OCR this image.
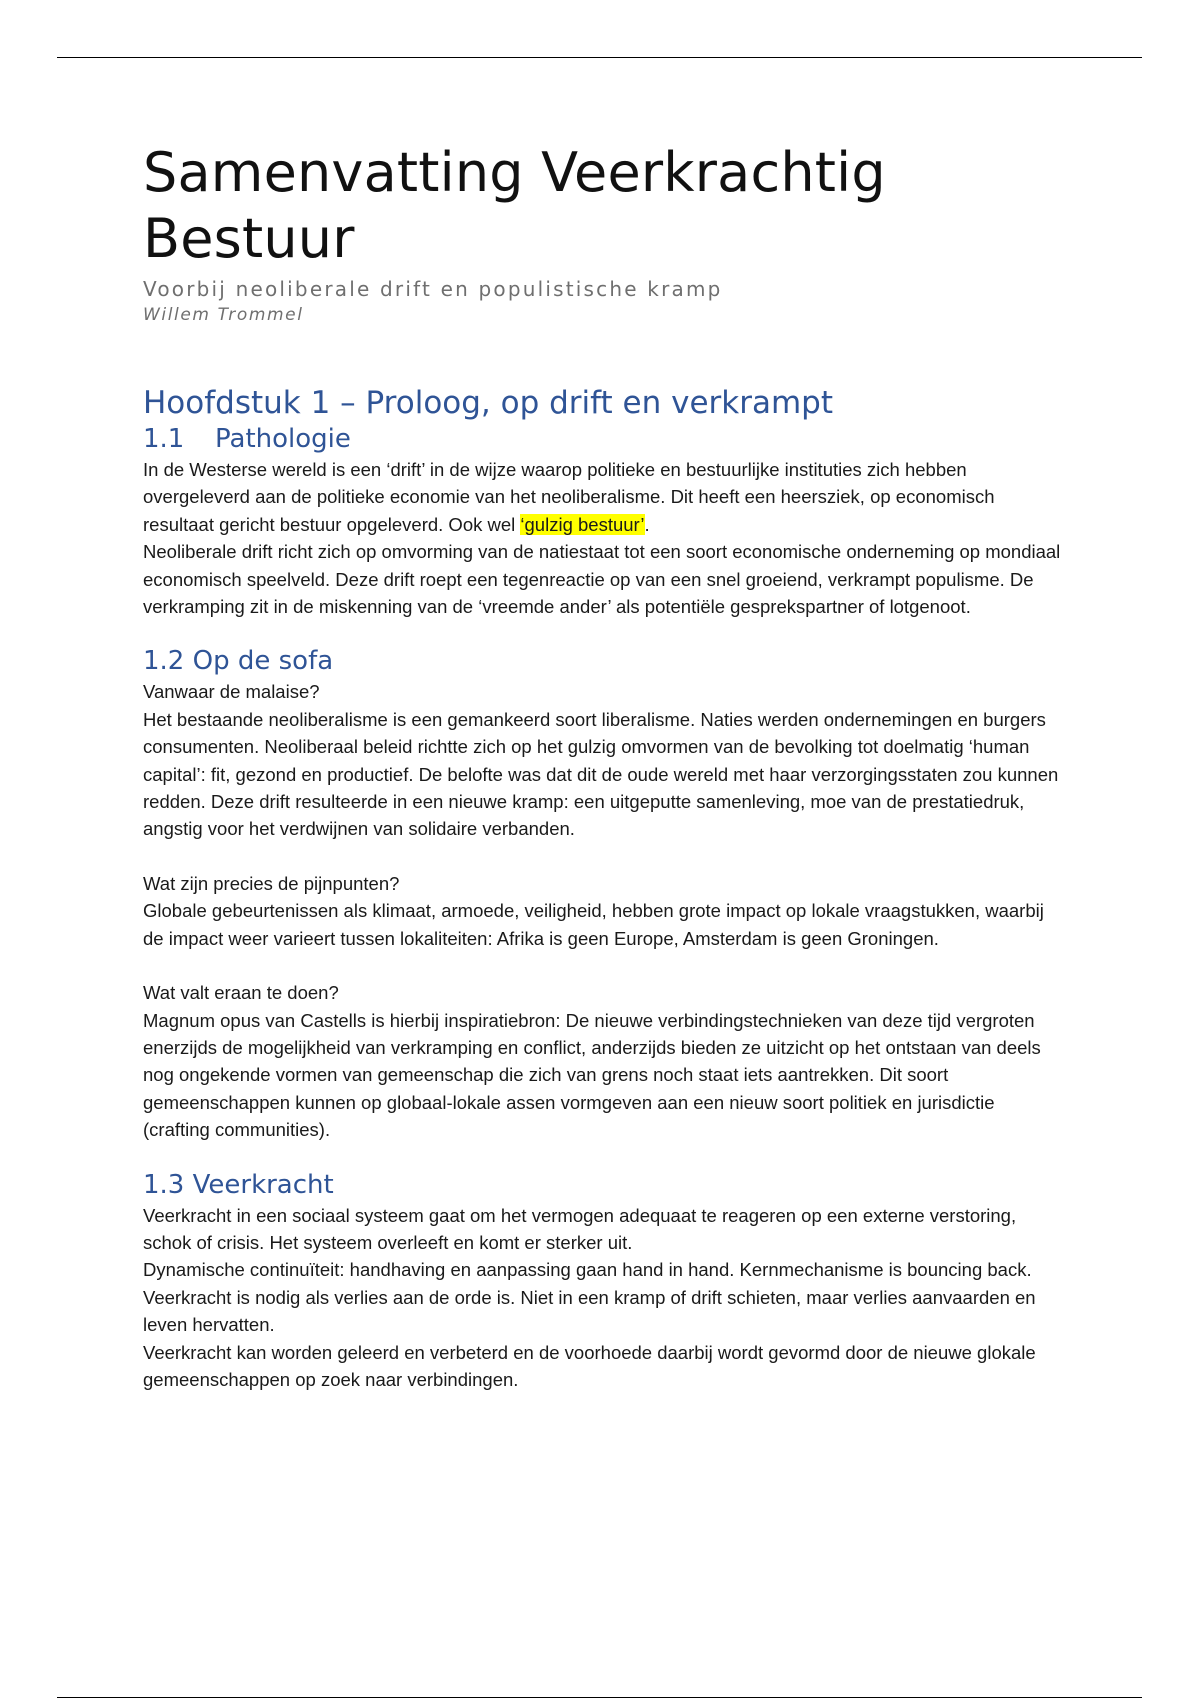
Samenvatting Veerkrachtig Bestuur
Voorbij neoliberale drift en populistische kramp
Willem Trommel
Hoofdstuk 1 – Proloog, op drift en verkrampt
1.1 Pathologie

In de Westerse wereld is een ‘drift’ in de wijze waarop politieke en bestuurlijke instituties zich hebben overgeleverd aan de politieke economie van het neoliberalisme. Dit heeft een heersziek, op economisch resultaat gericht bestuur opgeleverd. Ook wel ‘gulzig bestuur’.

Neoliberale drift richt zich op omvorming van de natiestaat tot een soort economische onderneming op mondiaal economisch speelveld. Deze drift roept een tegenreactie op van een snel groeiend, verkrampt populisme. De verkramping zit in de miskenning van de ‘vreemde ander’ als potentiële gesprekspartner of lotgenoot.

1.2 Op de sofa

Vanwaar de malaise?

Het bestaande neoliberalisme is een gemankeerd soort liberalisme. Naties werden ondernemingen en burgers consumenten. Neoliberaal beleid richtte zich op het gulzig omvormen van de bevolking tot doelmatig ‘human capital’: fit, gezond en productief. De belofte was dat dit de oude wereld met haar verzorgingsstaten zou kunnen redden. Deze drift resulteerde in een nieuwe kramp: een uitgeputte samenleving, moe van de prestatiedruk, angstig voor het verdwijnen van solidaire verbanden.

Wat zijn precies de pijnpunten?

Globale gebeurtenissen als klimaat, armoede, veiligheid, hebben grote impact op lokale vraagstukken, waarbij de impact weer varieert tussen lokaliteiten: Afrika is geen Europe, Amsterdam is geen Groningen.

Wat valt eraan te doen?

Magnum opus van Castells is hierbij inspiratiebron: De nieuwe verbindingstechnieken van deze tijd vergroten enerzijds de mogelijkheid van verkramping en conflict, anderzijds bieden ze uitzicht op het ontstaan van deels nog ongekende vormen van gemeenschap die zich van grens noch staat iets aantrekken. Dit soort gemeenschappen kunnen op globaal-lokale assen vormgeven aan een nieuw soort politiek en jurisdictie (crafting communities).

1.3 Veerkracht

Veerkracht in een sociaal systeem gaat om het vermogen adequaat te reageren op een externe verstoring, schok of crisis. Het systeem overleeft en komt er sterker uit.

Dynamische continuïteit: handhaving en aanpassing gaan hand in hand. Kernmechanisme is bouncing back.

Veerkracht is nodig als verlies aan de orde is. Niet in een kramp of drift schieten, maar verlies aanvaarden en leven hervatten.

Veerkracht kan worden geleerd en verbeterd en de voorhoede daarbij wordt gevormd door de nieuwe glokale gemeenschappen op zoek naar verbindingen.
